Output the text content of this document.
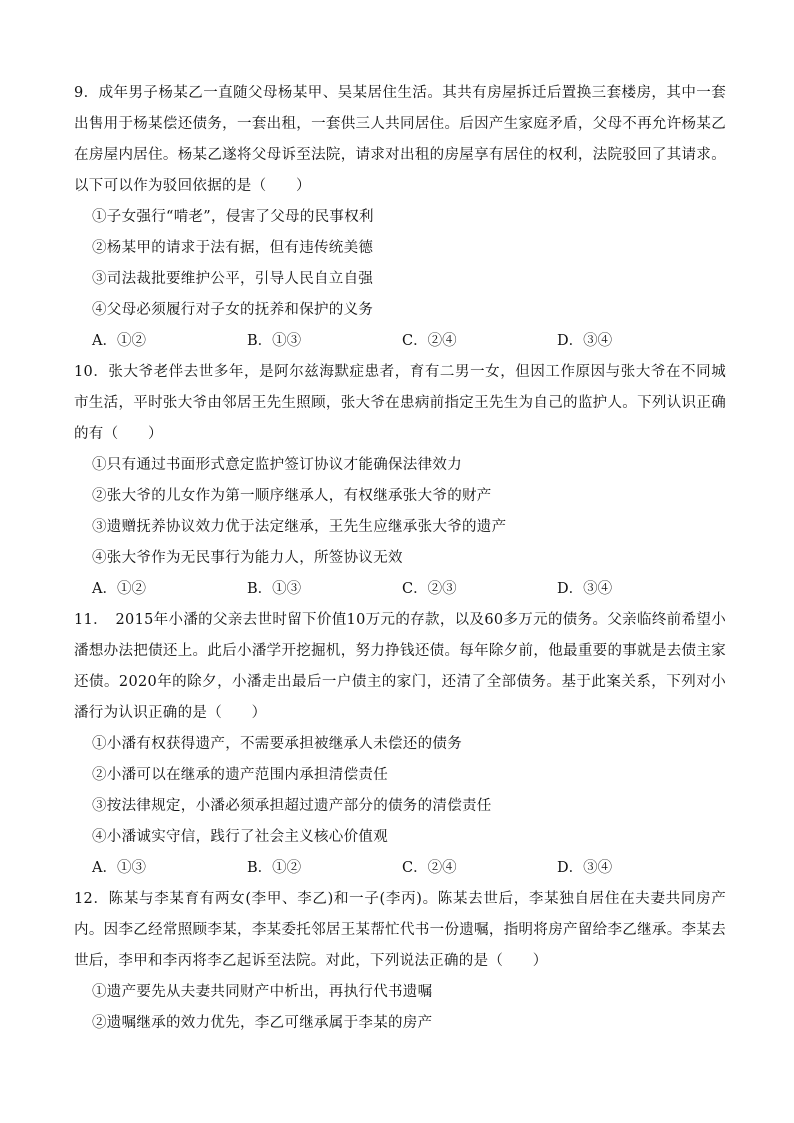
9．成年男子杨某乙一直随父母杨某甲、吴某居住生活。其共有房屋拆迁后置换三套楼房，其中一套出售用于杨某偿还债务，一套出租，一套供三人共同居住。后因产生家庭矛盾，父母不再允许杨某乙在房屋内居住。杨某乙遂将父母诉至法院，请求对出租的房屋享有居住的权利，法院驳回了其请求。以下可以作为驳回依据的是（　　）

①子女强行“啃老”，侵害了父母的民事权利

②杨某甲的请求于法有据，但有违传统美德

③司法裁批要维护公平，引导人民自立自强

④父母必须履行对子女的抚养和保护的义务

A．①②	B．①③	C．②④	D．③④

10．张大爷老伴去世多年，是阿尔兹海默症患者，育有二男一女，但因工作原因与张大爷在不同城市生活，平时张大爷由邻居王先生照顾，张大爷在患病前指定王先生为自己的监护人。下列认识正确的有（　　）

①只有通过书面形式意定监护签订协议才能确保法律效力

②张大爷的儿女作为第一顺序继承人，有权继承张大爷的财产

③遗赠抚养协议效力优于法定继承，王先生应继承张大爷的遗产

④张大爷作为无民事行为能力人，所签协议无效

A．①②	B．①③	C．②③	D．③④

11．　2015年小潘的父亲去世时留下价值10万元的存款，以及60多万元的债务。父亲临终前希望小潘想办法把债还上。此后小潘学开挖掘机，努力挣钱还债。每年除夕前，他最重要的事就是去债主家还债。2020年的除夕，小潘走出最后一户债主的家门，还清了全部债务。基于此案关系，下列对小潘行为认识正确的是（　　）

①小潘有权获得遗产，不需要承担被继承人未偿还的债务

②小潘可以在继承的遗产范围内承担清偿责任

③按法律规定，小潘必须承担超过遗产部分的债务的清偿责任

④小潘诚实守信，践行了社会主义核心价值观

A．①③	B．①②	C．②④	D．③④

12．陈某与李某育有两女(李甲、李乙)和一子(李丙)。陈某去世后，李某独自居住在夫妻共同房产内。因李乙经常照顾李某，李某委托邻居王某帮忙代书一份遗嘱，指明将房产留给李乙继承。李某去世后，李甲和李丙将李乙起诉至法院。对此，下列说法正确的是（　　）

①遗产要先从夫妻共同财产中析出，再执行代书遗嘱

②遗嘱继承的效力优先，李乙可继承属于李某的房产
